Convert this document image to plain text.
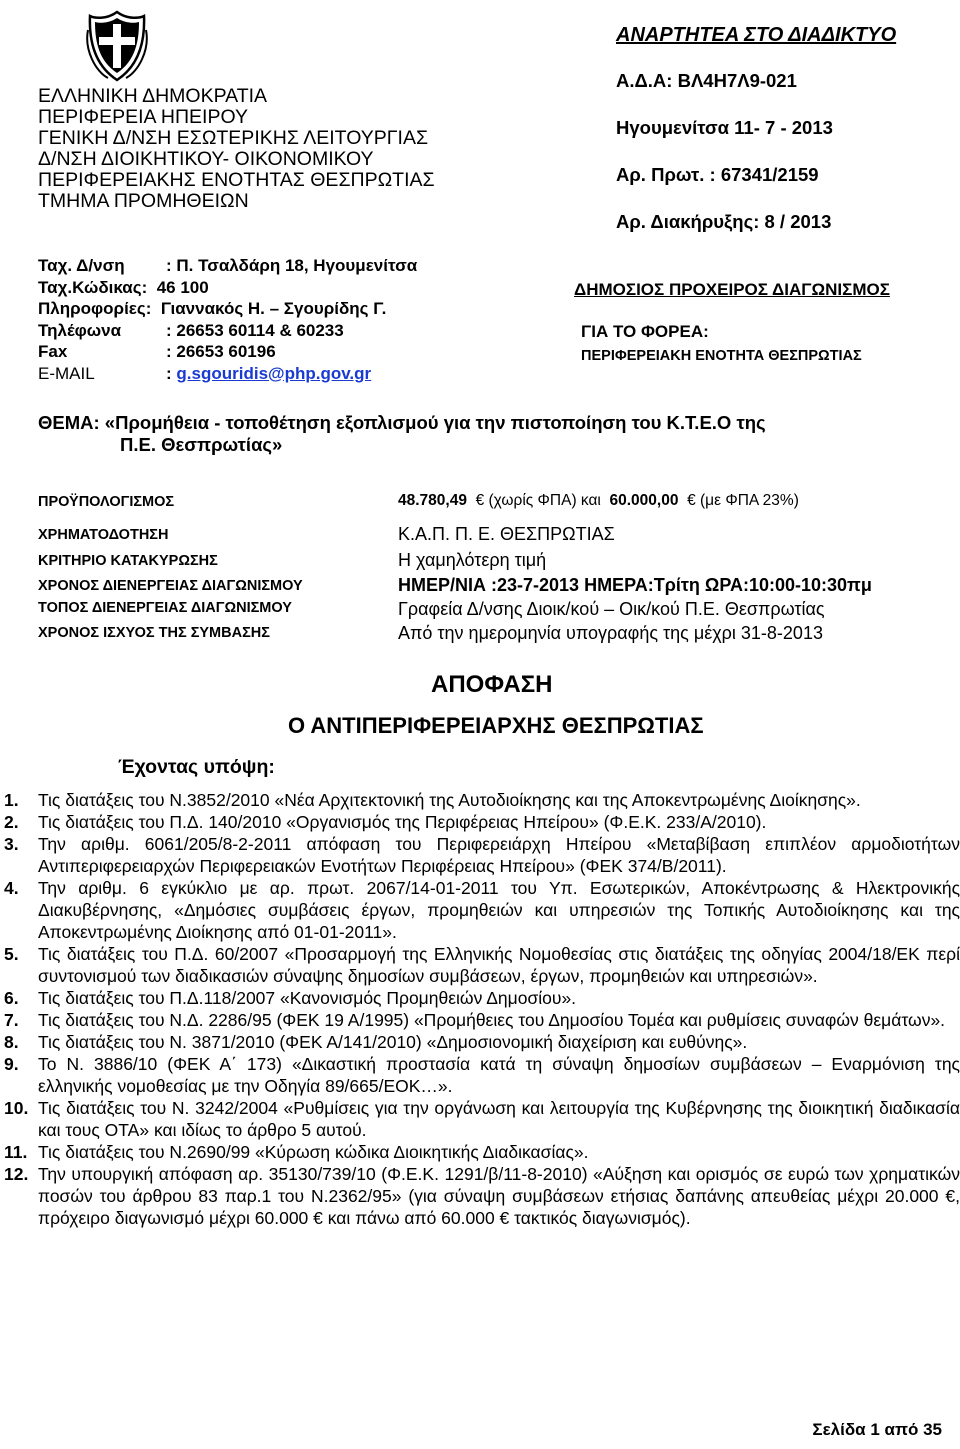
ΕΛΛΗΝΙΚΗ ΔΗΜΟΚΡΑΤΙΑ
ΠΕΡΙΦΕΡΕΙΑ ΗΠΕΙΡΟΥ
ΓΕΝΙΚΗ Δ/ΝΣΗ ΕΣΩΤΕΡΙΚΗΣ ΛΕΙΤΟΥΡΓΙΑΣ
Δ/ΝΣΗ ΔΙΟΙΚΗΤΙΚΟΥ- ΟΙΚΟΝΟΜΙΚΟΥ
ΠΕΡΙΦΕΡΕΙΑΚΗΣ ΕΝΟΤΗΤΑΣ ΘΕΣΠΡΩΤΙΑΣ
ΤΜΗΜΑ ΠΡΟΜΗΘΕΙΩΝ
Ταχ. Δ/νση	: Π. Τσαλδάρη 18, Ηγουμενίτσα
Ταχ.Κώδικας:
46 100
Πληροφορίες:
Γιαννακός Η. – Σγουρίδης Γ.
Τηλέφωνα	: 26653 60114 & 60233
Fax	: 26653 60196
E-MAIL	:
g.sgouridis@php.gov.gr
ΑΝΑΡΤΗΤΕΑ ΣΤΟ ΔΙΑΔΙΚΤΥΟ
Α.Δ.Α: ΒΛ4Η7Λ9-021
Ηγουμενίτσα 11- 7 - 2013
Αρ. Πρωτ. : 67341/2159
Αρ. Διακήρυξης: 8 / 2013
ΔΗΜΟΣΙΟΣ ΠΡΟΧΕΙΡΟΣ ΔΙΑΓΩΝΙΣΜΟΣ
ΓΙΑ ΤΟ ΦΟΡΕΑ:
ΠΕΡΙΦΕΡΕΙΑΚΗ ΕΝΟΤΗΤΑ ΘΕΣΠΡΩΤΙΑΣ
ΘΕΜΑ: «Προμήθεια - τοποθέτηση εξοπλισμού για την πιστοποίηση του Κ.Τ.Ε.Ο της
Π.Ε. Θεσπρωτίας»
ΠΡΟΫΠΟΛΟΓΙΣΜΟΣ	48.780,49 € (χωρίς ΦΠΑ) και 60.000,00 € (με ΦΠΑ 23%)
ΧΡΗΜΑΤΟΔΟΤΗΣΗ	Κ.Α.Π. Π. Ε. ΘΕΣΠΡΩΤΙΑΣ
ΚΡΙΤΗΡΙΟ ΚΑΤΑΚΥΡΩΣΗΣ	Η χαμηλότερη τιμή
ΧΡΟΝΟΣ ΔΙΕΝΕΡΓΕΙΑΣ ΔΙΑΓΩΝΙΣΜΟΥ	ΗΜΕΡ/ΝΙΑ :23-7-2013 ΗΜΕΡΑ:Τρίτη ΩΡΑ:10:00-10:30πμ
ΤΟΠΟΣ ΔΙΕΝΕΡΓΕΙΑΣ ΔΙΑΓΩΝΙΣΜΟΥ	Γραφεία Δ/νσης Διοικ/κού – Οικ/κού Π.Ε. Θεσπρωτίας
ΧΡΟΝΟΣ ΙΣΧΥΟΣ ΤΗΣ ΣΥΜΒΑΣΗΣ	Από την ημερομηνία υπογραφής της μέχρι 31-8-2013
ΑΠΟΦΑΣΗ
Ο ΑΝΤΙΠΕΡΙΦΕΡΕΙΑΡΧΗΣ ΘΕΣΠΡΩΤΙΑΣ
Έχοντας υπόψη:
1. Τις διατάξεις του Ν.3852/2010 «Νέα Αρχιτεκτονική της Αυτοδιοίκησης και της Αποκεντρωμένης Διοίκησης».
2. Τις διατάξεις του Π.Δ. 140/2010 «Οργανισμός της Περιφέρειας Ηπείρου» (Φ.Ε.Κ. 233/Α/2010).
3. Την αριθμ. 6061/205/8-2-2011 απόφαση του Περιφερειάρχη Ηπείρου «Μεταβίβαση επιπλέον αρμοδιοτήτων Αντιπεριφερειαρχών Περιφερειακών Ενοτήτων Περιφέρειας Ηπείρου» (ΦΕΚ 374/Β/2011).
4. Την αριθμ. 6 εγκύκλιο με αρ. πρωτ. 2067/14-01-2011 του Υπ. Εσωτερικών, Αποκέντρωσης & Ηλεκτρονικής Διακυβέρνησης, «Δημόσιες συμβάσεις έργων, προμηθειών και υπηρεσιών της Τοπικής Αυτοδιοίκησης και της Αποκεντρωμένης Διοίκησης από 01-01-2011».
5. Τις διατάξεις του Π.Δ. 60/2007 «Προσαρμογή της Ελληνικής Νομοθεσίας στις διατάξεις της οδηγίας 2004/18/ΕΚ περί συντονισμού των διαδικασιών σύναψης δημοσίων συμβάσεων, έργων, προμηθειών και υπηρεσιών».
6. Τις διατάξεις του Π.Δ.118/2007 «Κανονισμός Προμηθειών Δημοσίου».
7. Τις διατάξεις του Ν.Δ. 2286/95 (ΦΕΚ 19 Α/1995) «Προμήθειες του Δημοσίου Τομέα και ρυθμίσεις συναφών θεμάτων».
8. Τις διατάξεις του Ν. 3871/2010 (ΦΕΚ Α/141/2010) «Δημοσιονομική διαχείριση και ευθύνης».
9. Το Ν. 3886/10 (ΦΕΚ Α΄ 173) «Δικαστική προστασία κατά τη σύναψη δημοσίων συμβάσεων – Εναρμόνιση της ελληνικής νομοθεσίας με την Οδηγία 89/665/ΕΟΚ…».
10. Τις διατάξεις του Ν. 3242/2004 «Ρυθμίσεις για την οργάνωση και λειτουργία της Κυβέρνησης της διοικητική διαδικασία και τους ΟΤΑ» και ιδίως το άρθρο 5 αυτού.
11. Τις διατάξεις του Ν.2690/99 «Κύρωση κώδικα Διοικητικής Διαδικασίας».
12. Την υπουργική απόφαση αρ. 35130/739/10 (Φ.Ε.Κ. 1291/β/11-8-2010) «Αύξηση και ορισμός σε ευρώ των χρηματικών ποσών του άρθρου 83 παρ.1 του Ν.2362/95» (για σύναψη συμβάσεων ετήσιας δαπάνης απευθείας μέχρι 20.000 €, πρόχειρο διαγωνισμό μέχρι 60.000 € και πάνω από 60.000 € τακτικός διαγωνισμός).
Σελίδα 1 από 35
